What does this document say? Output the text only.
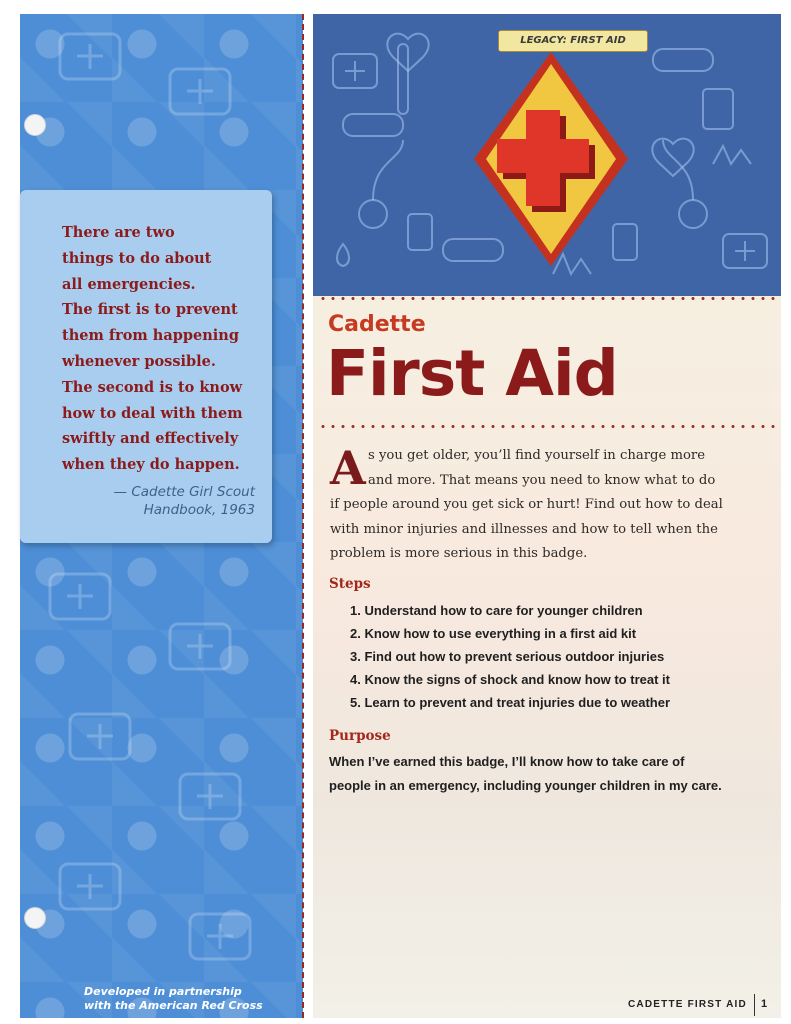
There are two
things to do about
all emergencies.
The first is to prevent
them from happening
whenever possible.
The second is to know
how to deal with them
swiftly and effectively
when they do happen.
— Cadette Girl Scout
Handbook, 1963
Developed in partnership
with the American Red Cross
LEGACY: FIRST AID
Cadette
First Aid
A s you get older, you’ll find yourself in charge more
and more. That means you need to know what to do
if people around you get sick or hurt! Find out how to deal with minor injuries and illnesses and how to tell when the problem is more serious in this badge.
Steps
1. Understand how to care for younger children
2. Know how to use everything in a first aid kit
3. Find out how to prevent serious outdoor injuries
4. Know the signs of shock and know how to treat it
5. Learn to prevent and treat injuries due to weather
Purpose
When I’ve earned this badge, I’ll know how to take care of people in an emergency, including younger children in my care.
CADETTE FIRST AID 1
